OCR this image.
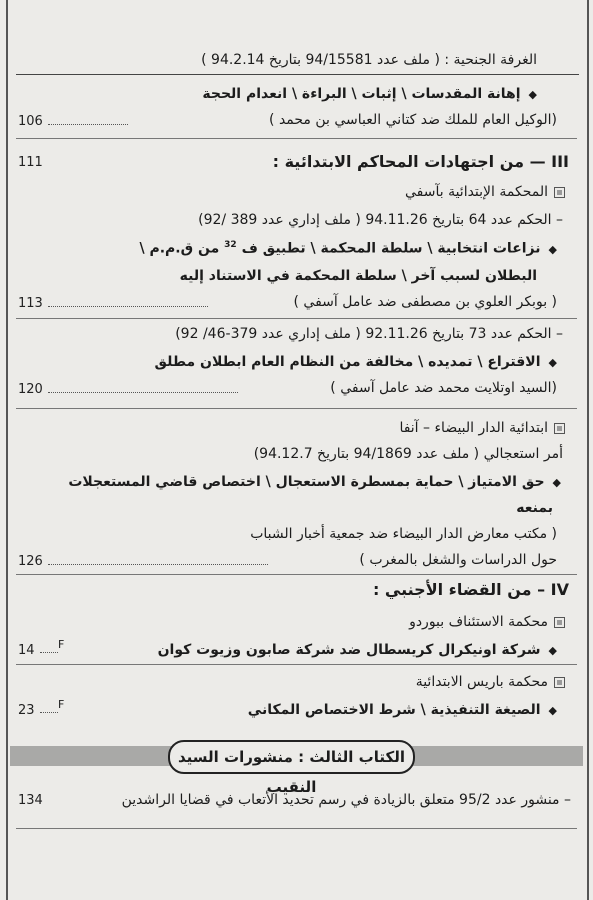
الغرفة الجنحية : ( ملف عدد 94/15581 بتاريخ 94.2.14 )
◆إهانة المقدسات \ إثبات \ البراءة \ انعدام الحجة
(الوكيل العام للملك ضد كتاني العباسي بن محمد )
106
III — من اجتهادات المحاكم الابتدائية :
111
المحكمة الإبتدائية بآسفي
– الحكم عدد 64 بتاريخ 94.11.26 ( ملف إداري عدد 389 /92)
◆نزاعات انتخابية \ سلطة المحكمة \ تطبيق ف $^{32}$ من ق.م.م \
البطلان لسبب آخر \ سلطة المحكمة في الاستناد إليه
( بوبكر العلوي بن مصطفى ضد عامل آسفي )
113
– الحكم عدد 73 بتاريخ 92.11.26 ( ملف إداري عدد 379-46/ 92)
◆الاقتراع \ تمديده \ مخالفة من النظام العام ابطلان مطلق
(السيد اوتلايت محمد ضد عامل آسفي )
120
ابتدائية الدار البيضاء – آنفا
أمر استعجالي ( ملف عدد 94/1869 بتاريخ 94.12.7)
◆حق الامتياز \ حماية بمسطرة الاستعجال \ اختصاص قاضي المستعجلات
بمنعه
( مكتب معارض الدار البيضاء ضد جمعية أخبار الشباب
حول الدراسات والشغل بالمغرب )
126
IV – من القضاء الأجنبي :
محكمة الاستئناف ببوردو
◆شركة اونيكرال كريسطال ضد شركة صابون وزيوت كوان
F
14
محكمة باريس الابتدائية
◆الصيغة التنفيذية \ شرط الاختصاص المكاني
F
23
الكتاب الثالث : منشورات السيد النقيب
– منشور عدد 95/2 متعلق بالزيادة في رسم تحديد الأتعاب في قضايا الراشدين
134
